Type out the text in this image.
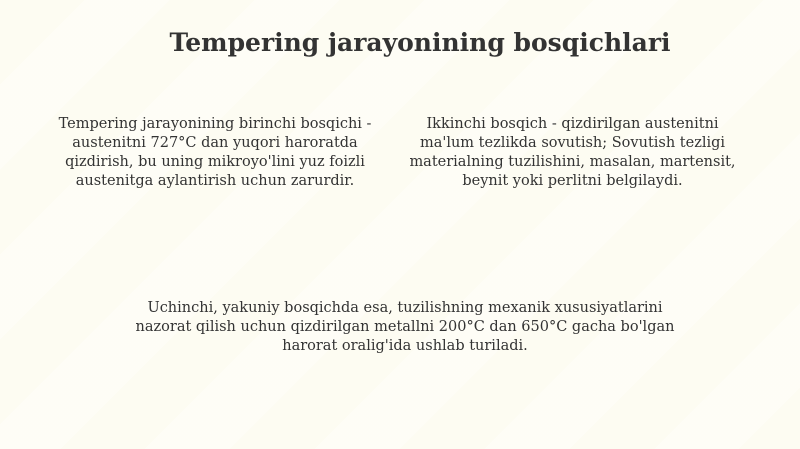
Tempering jarayonining bosqichlari

Tempering jarayonining birinchi bosqichi - austenitni 727°C dan yuqori haroratda qizdirish, bu uning mikroyo'lini yuz foizli austenitga aylantirish uchun zarurdir.

Ikkinchi bosqich - qizdirilgan austenitni ma'lum tezlikda sovutish; Sovutish tezligi materialning tuzilishini, masalan, martensit, beynit yoki perlitni belgilaydi.

Uchinchi, yakuniy bosqichda esa, tuzilishning mexanik xususiyatlarini nazorat qilish uchun qizdirilgan metallni 200°C dan 650°C gacha bo'lgan harorat oralig'ida ushlab turiladi.
